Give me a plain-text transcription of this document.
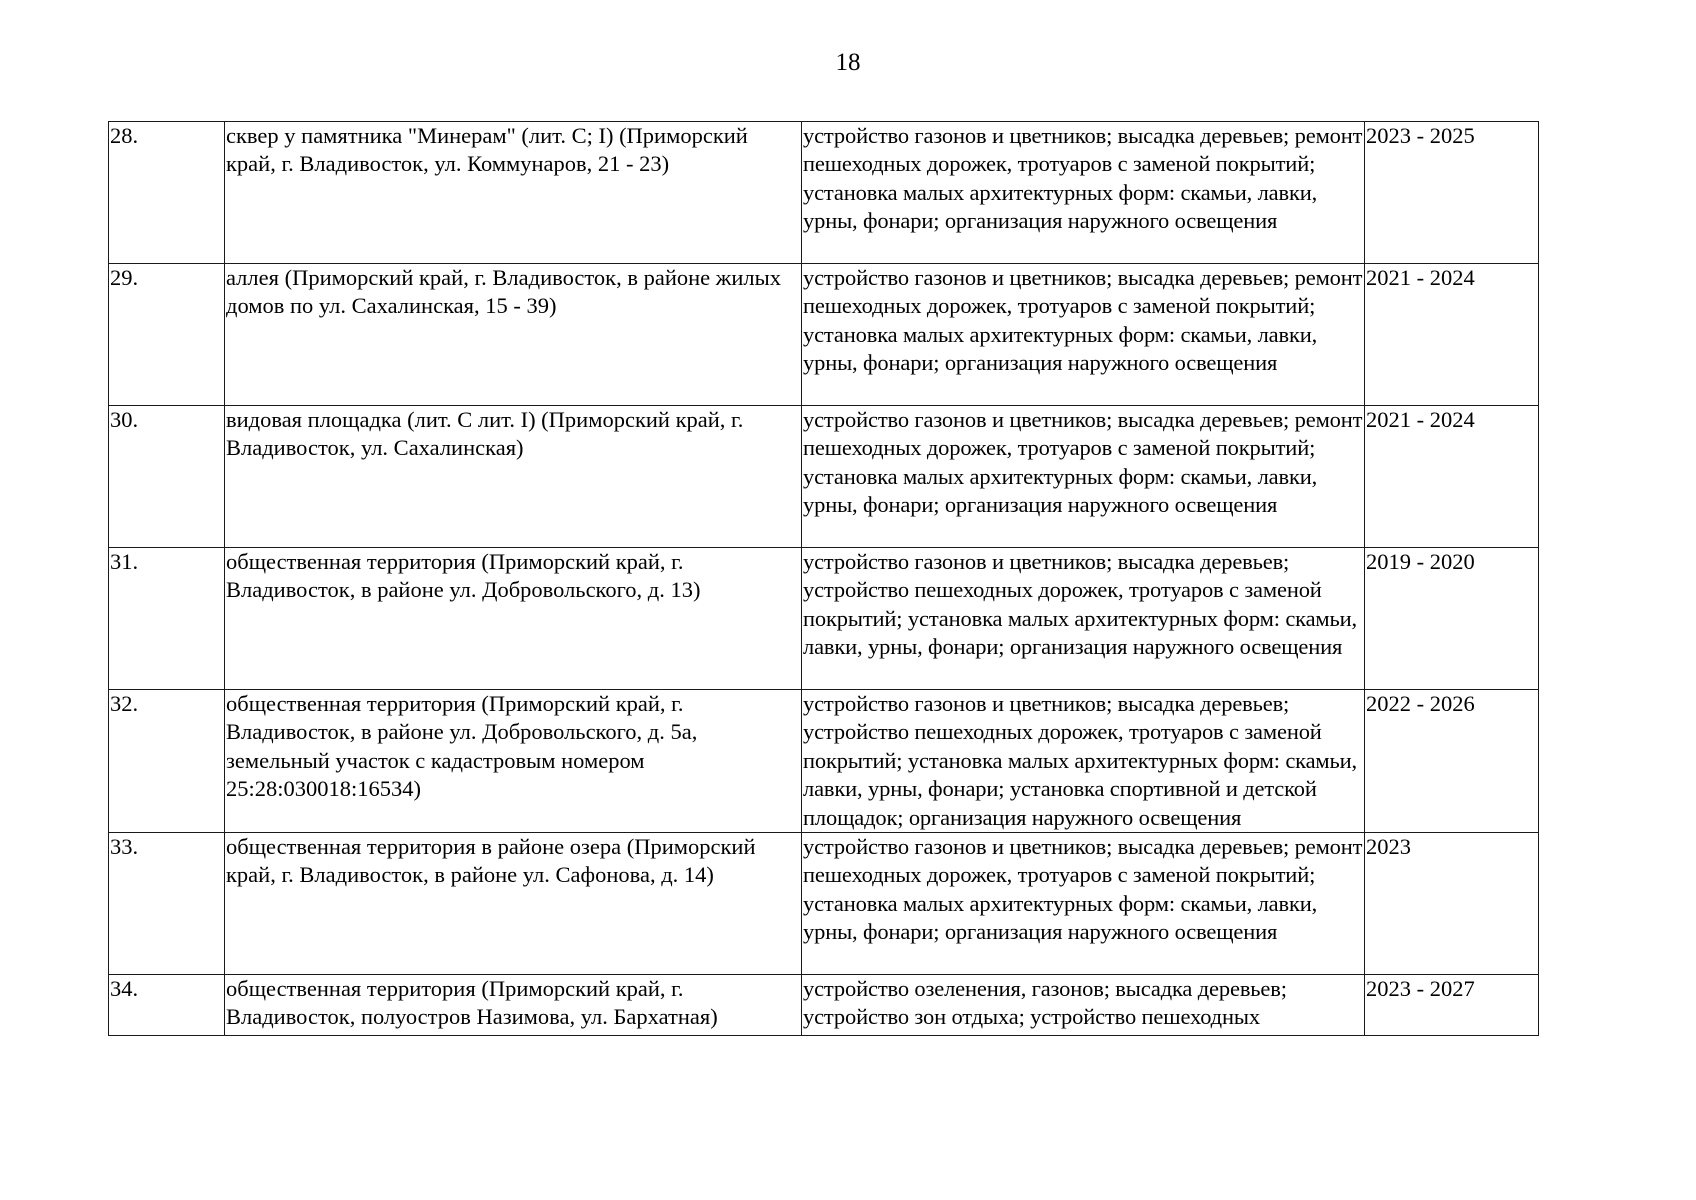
18
28.	сквер у памятника "Минерам" (лит. C; I) (Приморский край, г. Владивосток, ул. Коммунаров, 21 - 23)	устройство газонов и цветников; высадка деревьев; ремонт пешеходных дорожек, тротуаров с заменой покрытий; установка малых архитектурных форм: скамьи, лавки, урны, фонари; организация наружного освещения	2023 - 2025

29.	аллея (Приморский край, г. Владивосток, в районе жилых домов по ул. Сахалинская, 15 - 39)	устройство газонов и цветников; высадка деревьев; ремонт пешеходных дорожек, тротуаров с заменой покрытий; установка малых архитектурных форм: скамьи, лавки, урны, фонари; организация наружного освещения	2021 - 2024

30.	видовая площадка (лит. С лит. I) (Приморский край, г. Владивосток, ул. Сахалинская)	устройство газонов и цветников; высадка деревьев; ремонт пешеходных дорожек, тротуаров с заменой покрытий; установка малых архитектурных форм: скамьи, лавки, урны, фонари; организация наружного освещения	2021 - 2024

31.	общественная территория (Приморский край, г. Владивосток, в районе ул. Добровольского, д. 13)	устройство газонов и цветников; высадка деревьев; устройство пешеходных дорожек, тротуаров с заменой покрытий; установка малых архитектурных форм: скамьи, лавки, урны, фонари; организация наружного освещения	2019 - 2020

32.	общественная территория (Приморский край, г. Владивосток, в районе ул. Добровольского, д. 5а, земельный участок с кадастровым номером 25:28:030018:16534)	устройство газонов и цветников; высадка деревьев; устройство пешеходных дорожек, тротуаров с заменой покрытий; установка малых архитектурных форм: скамьи, лавки, урны, фонари; установка спортивной и детской площадок; организация наружного освещения	2022 - 2026

33.	общественная территория в районе озера (Приморский край, г. Владивосток, в районе ул. Сафонова, д. 14)	устройство газонов и цветников; высадка деревьев; ремонт пешеходных дорожек, тротуаров с заменой покрытий; установка малых архитектурных форм: скамьи, лавки, урны, фонари; организация наружного освещения	2023

34.	общественная территория (Приморский край, г. Владивосток, полуостров Назимова, ул. Бархатная)	устройство озеленения, газонов; высадка деревьев; устройство зон отдыха; устройство пешеходных	2023 - 2027
